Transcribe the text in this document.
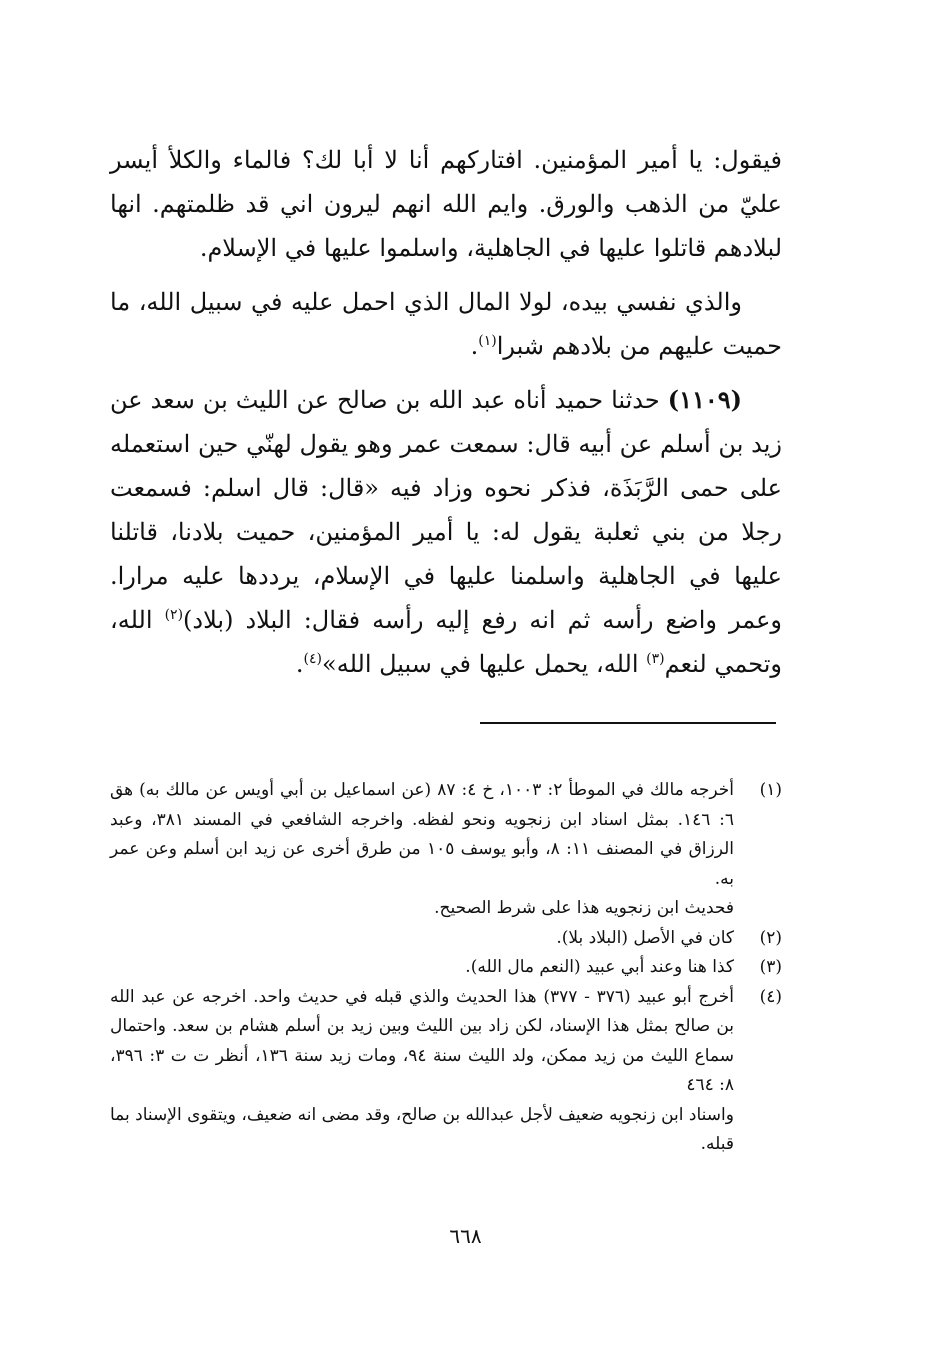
فيقول: يا أمير المؤمنين. افتاركهم أنا لا أبا لك؟ فالماء والكلأ أيسر عليّ من الذهب والورق. وايم الله انهم ليرون اني قد ظلمتهم. انها لبلادهم قاتلوا عليها في الجاهلية، واسلموا عليها في الإسلام.

والذي نفسي بيده، لولا المال الذي احمل عليه في سبيل الله، ما حميت عليهم من بلادهم شبرا$^{(١)}$.

(١١٠٩) حدثنا حميد أناه عبد الله بن صالح عن الليث بن سعد عن زيد بن أسلم عن أبيه قال: سمعت عمر وهو يقول لهنّي حين استعمله على حمى الرَّبَذَة، فذكر نحوه وزاد فيه «قال: قال اسلم: فسمعت رجلا من بني ثعلبة يقول له: يا أمير المؤمنين، حميت بلادنا، قاتلنا عليها في الجاهلية واسلمنا عليها في الإسلام، يرددها عليه مرارا. وعمر واضع رأسه ثم انه رفع إليه رأسه فقال: البلاد (بلاد)$^{(٢)}$ الله، وتحمي لنعم$^{(٣)}$ الله، يحمل عليها في سبيل الله»$^{(٤)}$.

(١)
أخرجه مالك في الموطأ ٢: ١٠٠٣، خ ٤: ٨٧ (عن اسماعيل بن أبي أويس عن مالك به) هق ٦: ١٤٦. بمثل اسناد ابن زنجويه ونحو لفظه. واخرجه الشافعي في المسند ٣٨١، وعبد الرزاق في المصنف ١١: ٨، وأبو يوسف ١٠٥ من طرق أخرى عن زيد ابن أسلم وعن عمر به.
فحديث ابن زنجويه هذا على شرط الصحيح.
(٢)
كان في الأصل (البلاد بلا).
(٣)
كذا هنا وعند أبي عبيد (النعم مال الله).
(٤)
أخرج أبو عبيد (٣٧٦ - ٣٧٧) هذا الحديث والذي قبله في حديث واحد. اخرجه عن عبد الله بن صالح بمثل هذا الإسناد، لكن زاد بين الليث وبين زيد بن أسلم هشام بن سعد. واحتمال سماع الليث من زيد ممكن، ولد الليث سنة ٩٤، ومات زيد سنة ١٣٦، أنظر ت ت ٣: ٣٩٦، ٨: ٤٦٤
واسناد ابن زنجويه ضعيف لأجل عبدالله بن صالح، وقد مضى انه ضعيف، ويتقوى الإسناد بما قبله.
٦٦٨
